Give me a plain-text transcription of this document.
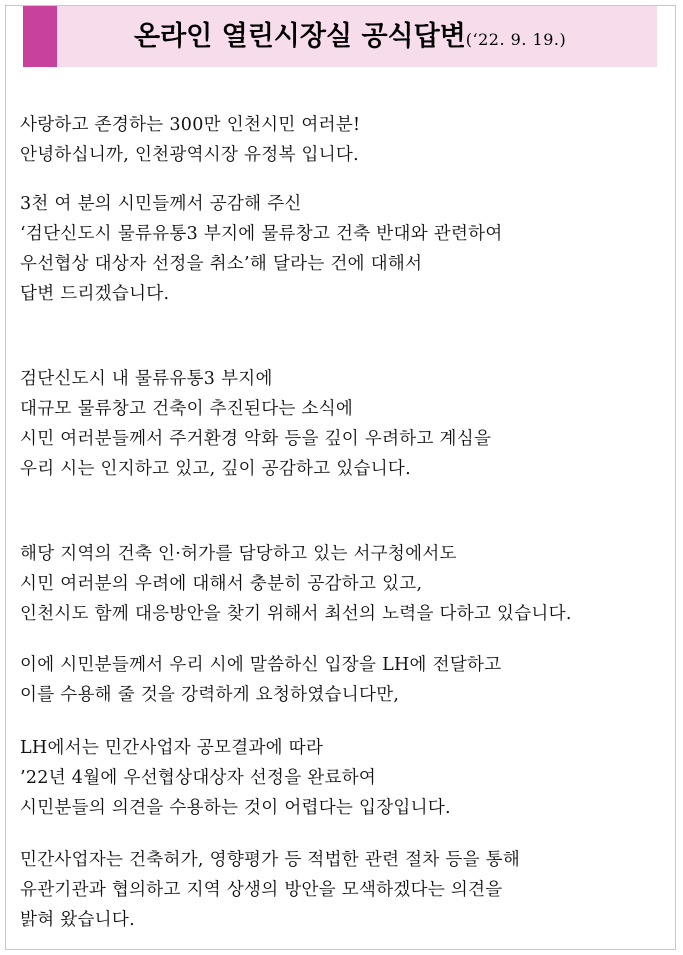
온라인 열린시장실 공식답변(‘22. 9. 19.)
사랑하고 존경하는 300만 인천시민 여러분!
안녕하십니까, 인천광역시장 유정복 입니다.
3천 여 분의 시민들께서 공감해 주신
‘검단신도시 물류유통3 부지에 물류창고 건축 반대와 관련하여
우선협상 대상자 선정을 취소’해 달라는 건에 대해서
답변 드리겠습니다.
검단신도시 내 물류유통3 부지에
대규모 물류창고 건축이 추진된다는 소식에
시민 여러분들께서 주거환경 악화 등을 깊이 우려하고 계심을
우리 시는 인지하고 있고, 깊이 공감하고 있습니다.
해당 지역의 건축 인·허가를 담당하고 있는 서구청에서도
시민 여러분의 우려에 대해서 충분히 공감하고 있고,
인천시도 함께 대응방안을 찾기 위해서 최선의 노력을 다하고 있습니다.
이에 시민분들께서 우리 시에 말씀하신 입장을 LH에 전달하고
이를 수용해 줄 것을 강력하게 요청하였습니다만,
LH에서는 민간사업자 공모결과에 따라
’22년 4월에 우선협상대상자 선정을 완료하여
시민분들의 의견을 수용하는 것이 어렵다는 입장입니다.
민간사업자는 건축허가, 영향평가 등 적법한 관련 절차 등을 통해
유관기관과 협의하고 지역 상생의 방안을 모색하겠다는 의견을
밝혀 왔습니다.
